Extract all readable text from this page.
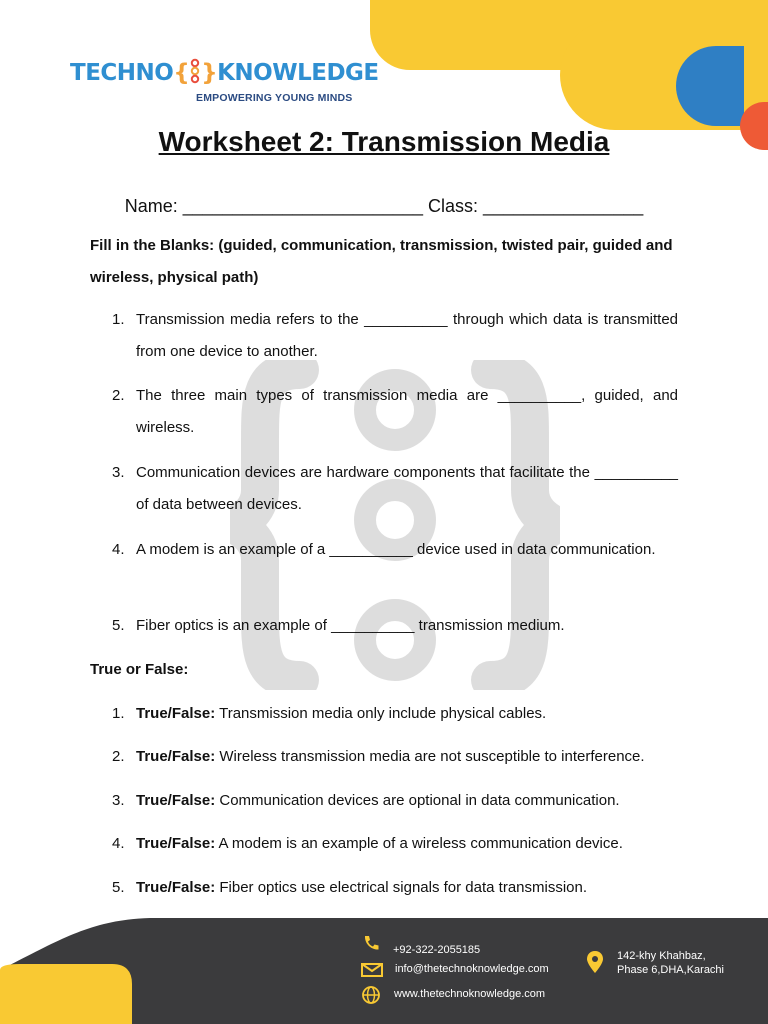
TECHNO{ }KNOWLEDGE
EMPOWERING YOUNG MINDS
Worksheet 2: Transmission Media
Name: ________________________ Class: ________________
Fill in the Blanks: (guided, communication, transmission, twisted pair, guided and wireless, physical path)
1. Transmission media refers to the __________ through which data is transmitted from one device to another.
2. The three main types of transmission media are __________, guided, and wireless.
3. Communication devices are hardware components that facilitate the __________ of data between devices.
4. A modem is an example of a __________ device used in data communication.
5. Fiber optics is an example of __________ transmission medium.
True or False:
1. True/False: Transmission media only include physical cables.
2. True/False: Wireless transmission media are not susceptible to interference.
3. True/False: Communication devices are optional in data communication.
4. True/False: A modem is an example of a wireless communication device.
5. True/False: Fiber optics use electrical signals for data transmission.
+92-322-2055185
info@thetechnoknowledge.com
www.thetechnoknowledge.com
142-khy Khahbaz,
Phase 6,DHA,Karachi
